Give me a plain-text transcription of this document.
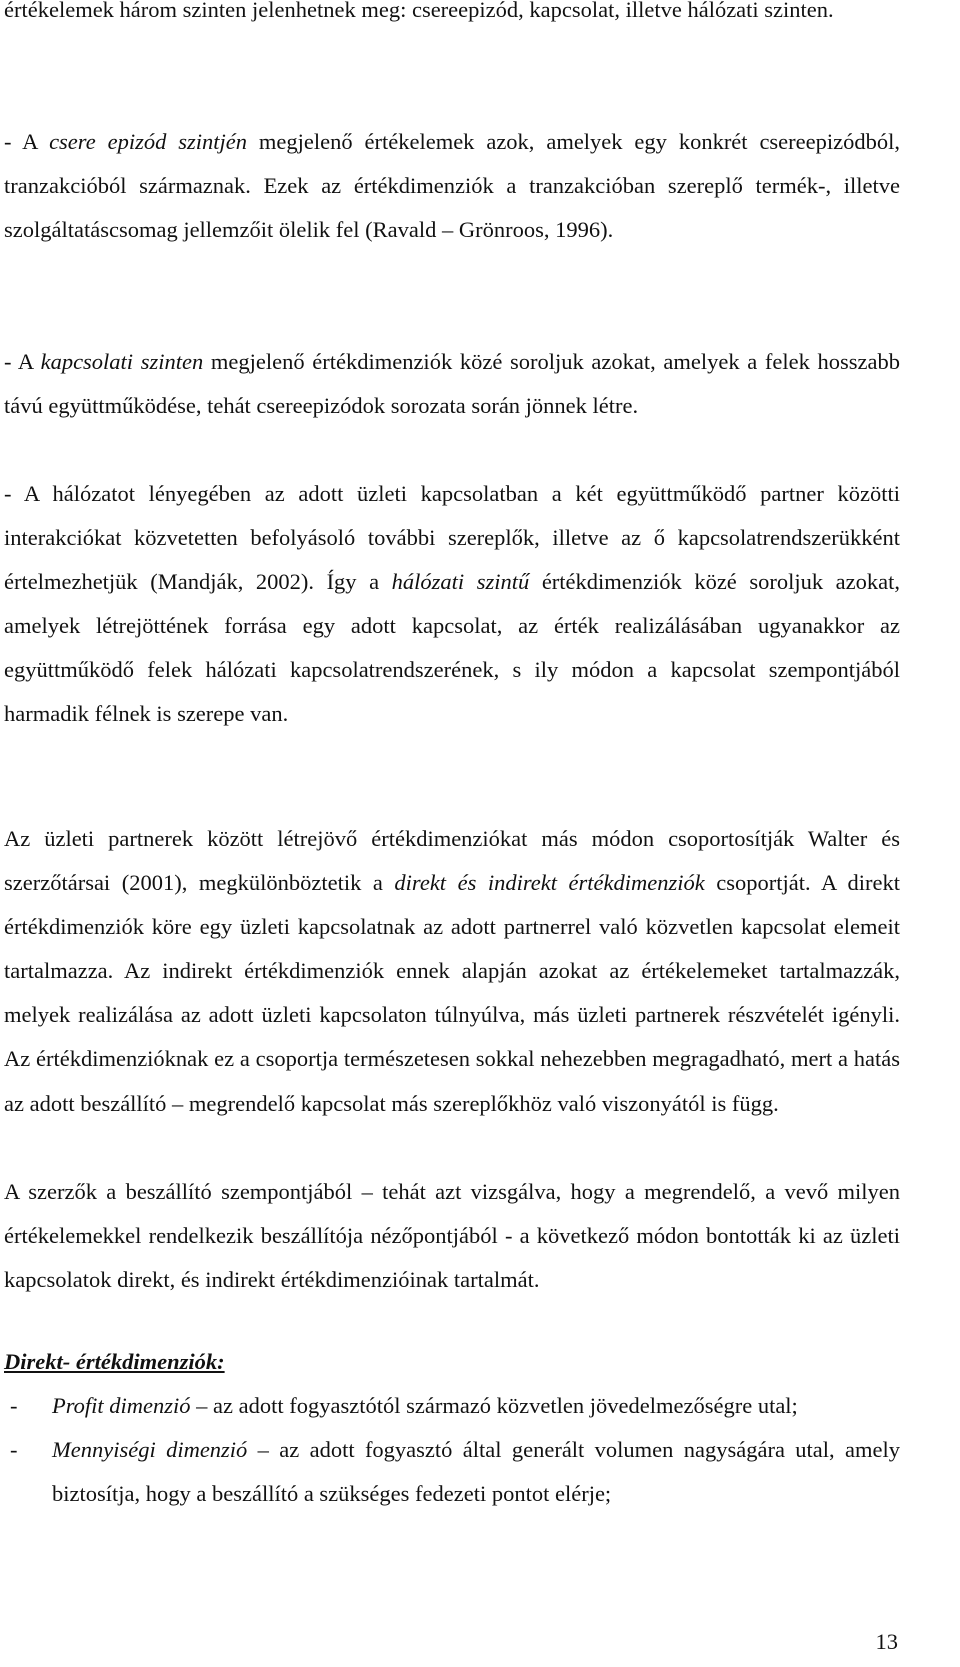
értékelemek három szinten jelenhetnek meg: csereepizód, kapcsolat, illetve hálózati szinten.

- A csere epizód szintjén megjelenő értékelemek azok, amelyek egy konkrét csereepizódból, tranzakcióból származnak. Ezek az értékdimenziók a tranzakcióban szereplő termék-, illetve szolgáltatáscsomag jellemzőit ölelik fel (Ravald – Grönroos, 1996).

- A kapcsolati szinten megjelenő értékdimenziók közé soroljuk azokat, amelyek a felek hosszabb távú együttműködése, tehát csereepizódok sorozata során jönnek létre.

- A hálózatot lényegében az adott üzleti kapcsolatban a két együttműködő partner közötti interakciókat közvetetten befolyásoló további szereplők, illetve az ő kapcsolatrendszerükként értelmezhetjük (Mandják, 2002). Így a hálózati szintű értékdimenziók közé soroljuk azokat, amelyek létrejöttének forrása egy adott kapcsolat, az érték realizálásában ugyanakkor az együttműködő felek hálózati kapcsolatrendszerének, s ily módon a kapcsolat szempontjából harmadik félnek is szerepe van.

Az üzleti partnerek között létrejövő értékdimenziókat más módon csoportosítják Walter és szerzőtársai (2001), megkülönböztetik a direkt és indirekt értékdimenziók csoportját. A direkt értékdimenziók köre egy üzleti kapcsolatnak az adott partnerrel való közvetlen kapcsolat elemeit tartalmazza. Az indirekt értékdimenziók ennek alapján azokat az értékelemeket tartalmazzák, melyek realizálása az adott üzleti kapcsolaton túlnyúlva, más üzleti partnerek részvételét igényli. Az értékdimenzióknak ez a csoportja természetesen sokkal nehezebben megragadható, mert a hatás az adott beszállító – megrendelő kapcsolat más szereplőkhöz való viszonyától is függ.

A szerzők a beszállító szempontjából – tehát azt vizsgálva, hogy a megrendelő, a vevő milyen értékelemekkel rendelkezik beszállítója nézőpontjából - a következő módon bontották ki az üzleti kapcsolatok direkt, és indirekt értékdimenzióinak tartalmát.

Direkt- értékdimenziók:

- Profit dimenzió – az adott fogyasztótól származó közvetlen jövedelmezőségre utal;
- Mennyiségi dimenzió – az adott fogyasztó által generált volumen nagyságára utal, amely biztosítja, hogy a beszállító a szükséges fedezeti pontot elérje;
13
